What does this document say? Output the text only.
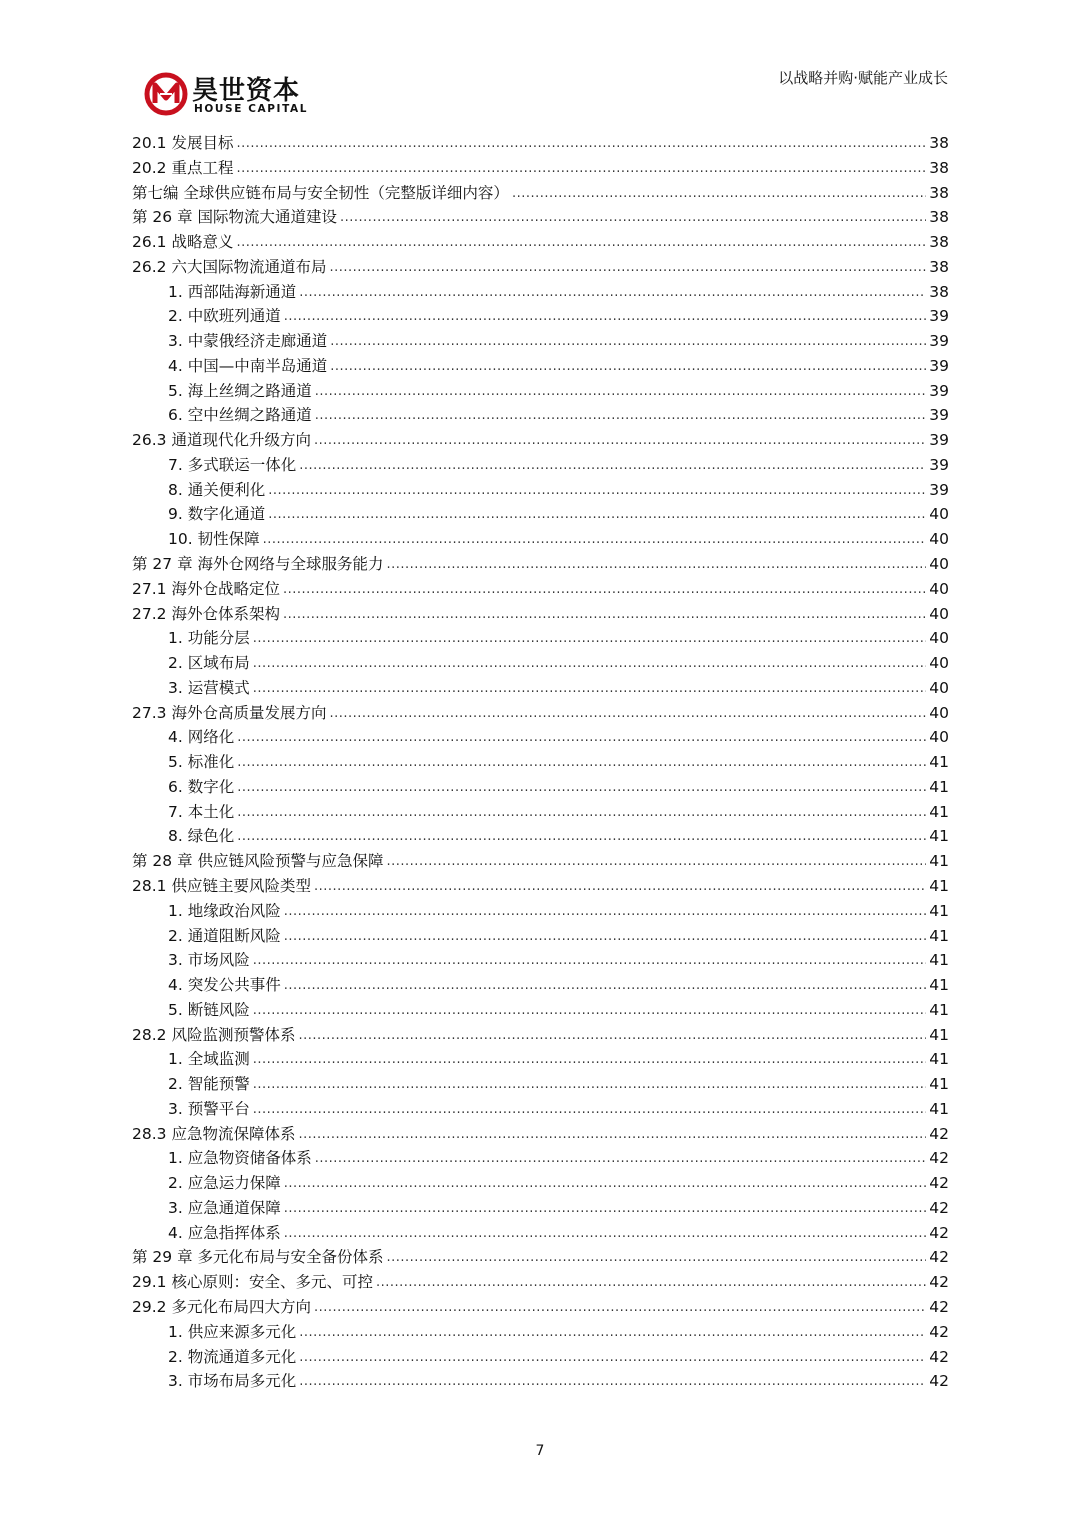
昊世资本
HOUSE CAPITAL
以战略并购·赋能产业成长
20.1 发展目标 .....	38
20.2 重点工程 .....	38
第七编 全球供应链布局与安全韧性（完整版详细内容） .....	38
第 26 章 国际物流大通道建设 .....	38
26.1 战略意义 .....	38
26.2 六大国际物流通道布局 .....	38
1. 西部陆海新通道 .....	38
2. 中欧班列通道 .....	39
3. 中蒙俄经济走廊通道 .....	39
4. 中国—中南半岛通道 .....	39
5. 海上丝绸之路通道 .....	39
6. 空中丝绸之路通道 .....	39
26.3 通道现代化升级方向 .....	39
7. 多式联运一体化 .....	39
8. 通关便利化 .....	39
9. 数字化通道 .....	40
10. 韧性保障 .....	40
第 27 章 海外仓网络与全球服务能力 .....	40
27.1 海外仓战略定位 .....	40
27.2 海外仓体系架构 .....	40
1. 功能分层 .....	40
2. 区域布局 .....	40
3. 运营模式 .....	40
27.3 海外仓高质量发展方向 .....	40
4. 网络化 .....	40
5. 标准化 .....	41
6. 数字化 .....	41
7. 本土化 .....	41
8. 绿色化 .....	41
第 28 章 供应链风险预警与应急保障 .....	41
28.1 供应链主要风险类型 .....	41
1. 地缘政治风险 .....	41
2. 通道阻断风险 .....	41
3. 市场风险 .....	41
4. 突发公共事件 .....	41
5. 断链风险 .....	41
28.2 风险监测预警体系 .....	41
1. 全域监测 .....	41
2. 智能预警 .....	41
3. 预警平台 .....	41
28.3 应急物流保障体系 .....	42
1. 应急物资储备体系 .....	42
2. 应急运力保障 .....	42
3. 应急通道保障 .....	42
4. 应急指挥体系 .....	42
第 29 章 多元化布局与安全备份体系 .....	42
29.1 核心原则：安全、多元、可控 .....	42
29.2 多元化布局四大方向 .....	42
1. 供应来源多元化 .....	42
2. 物流通道多元化 .....	42
3. 市场布局多元化 .....	42
7
